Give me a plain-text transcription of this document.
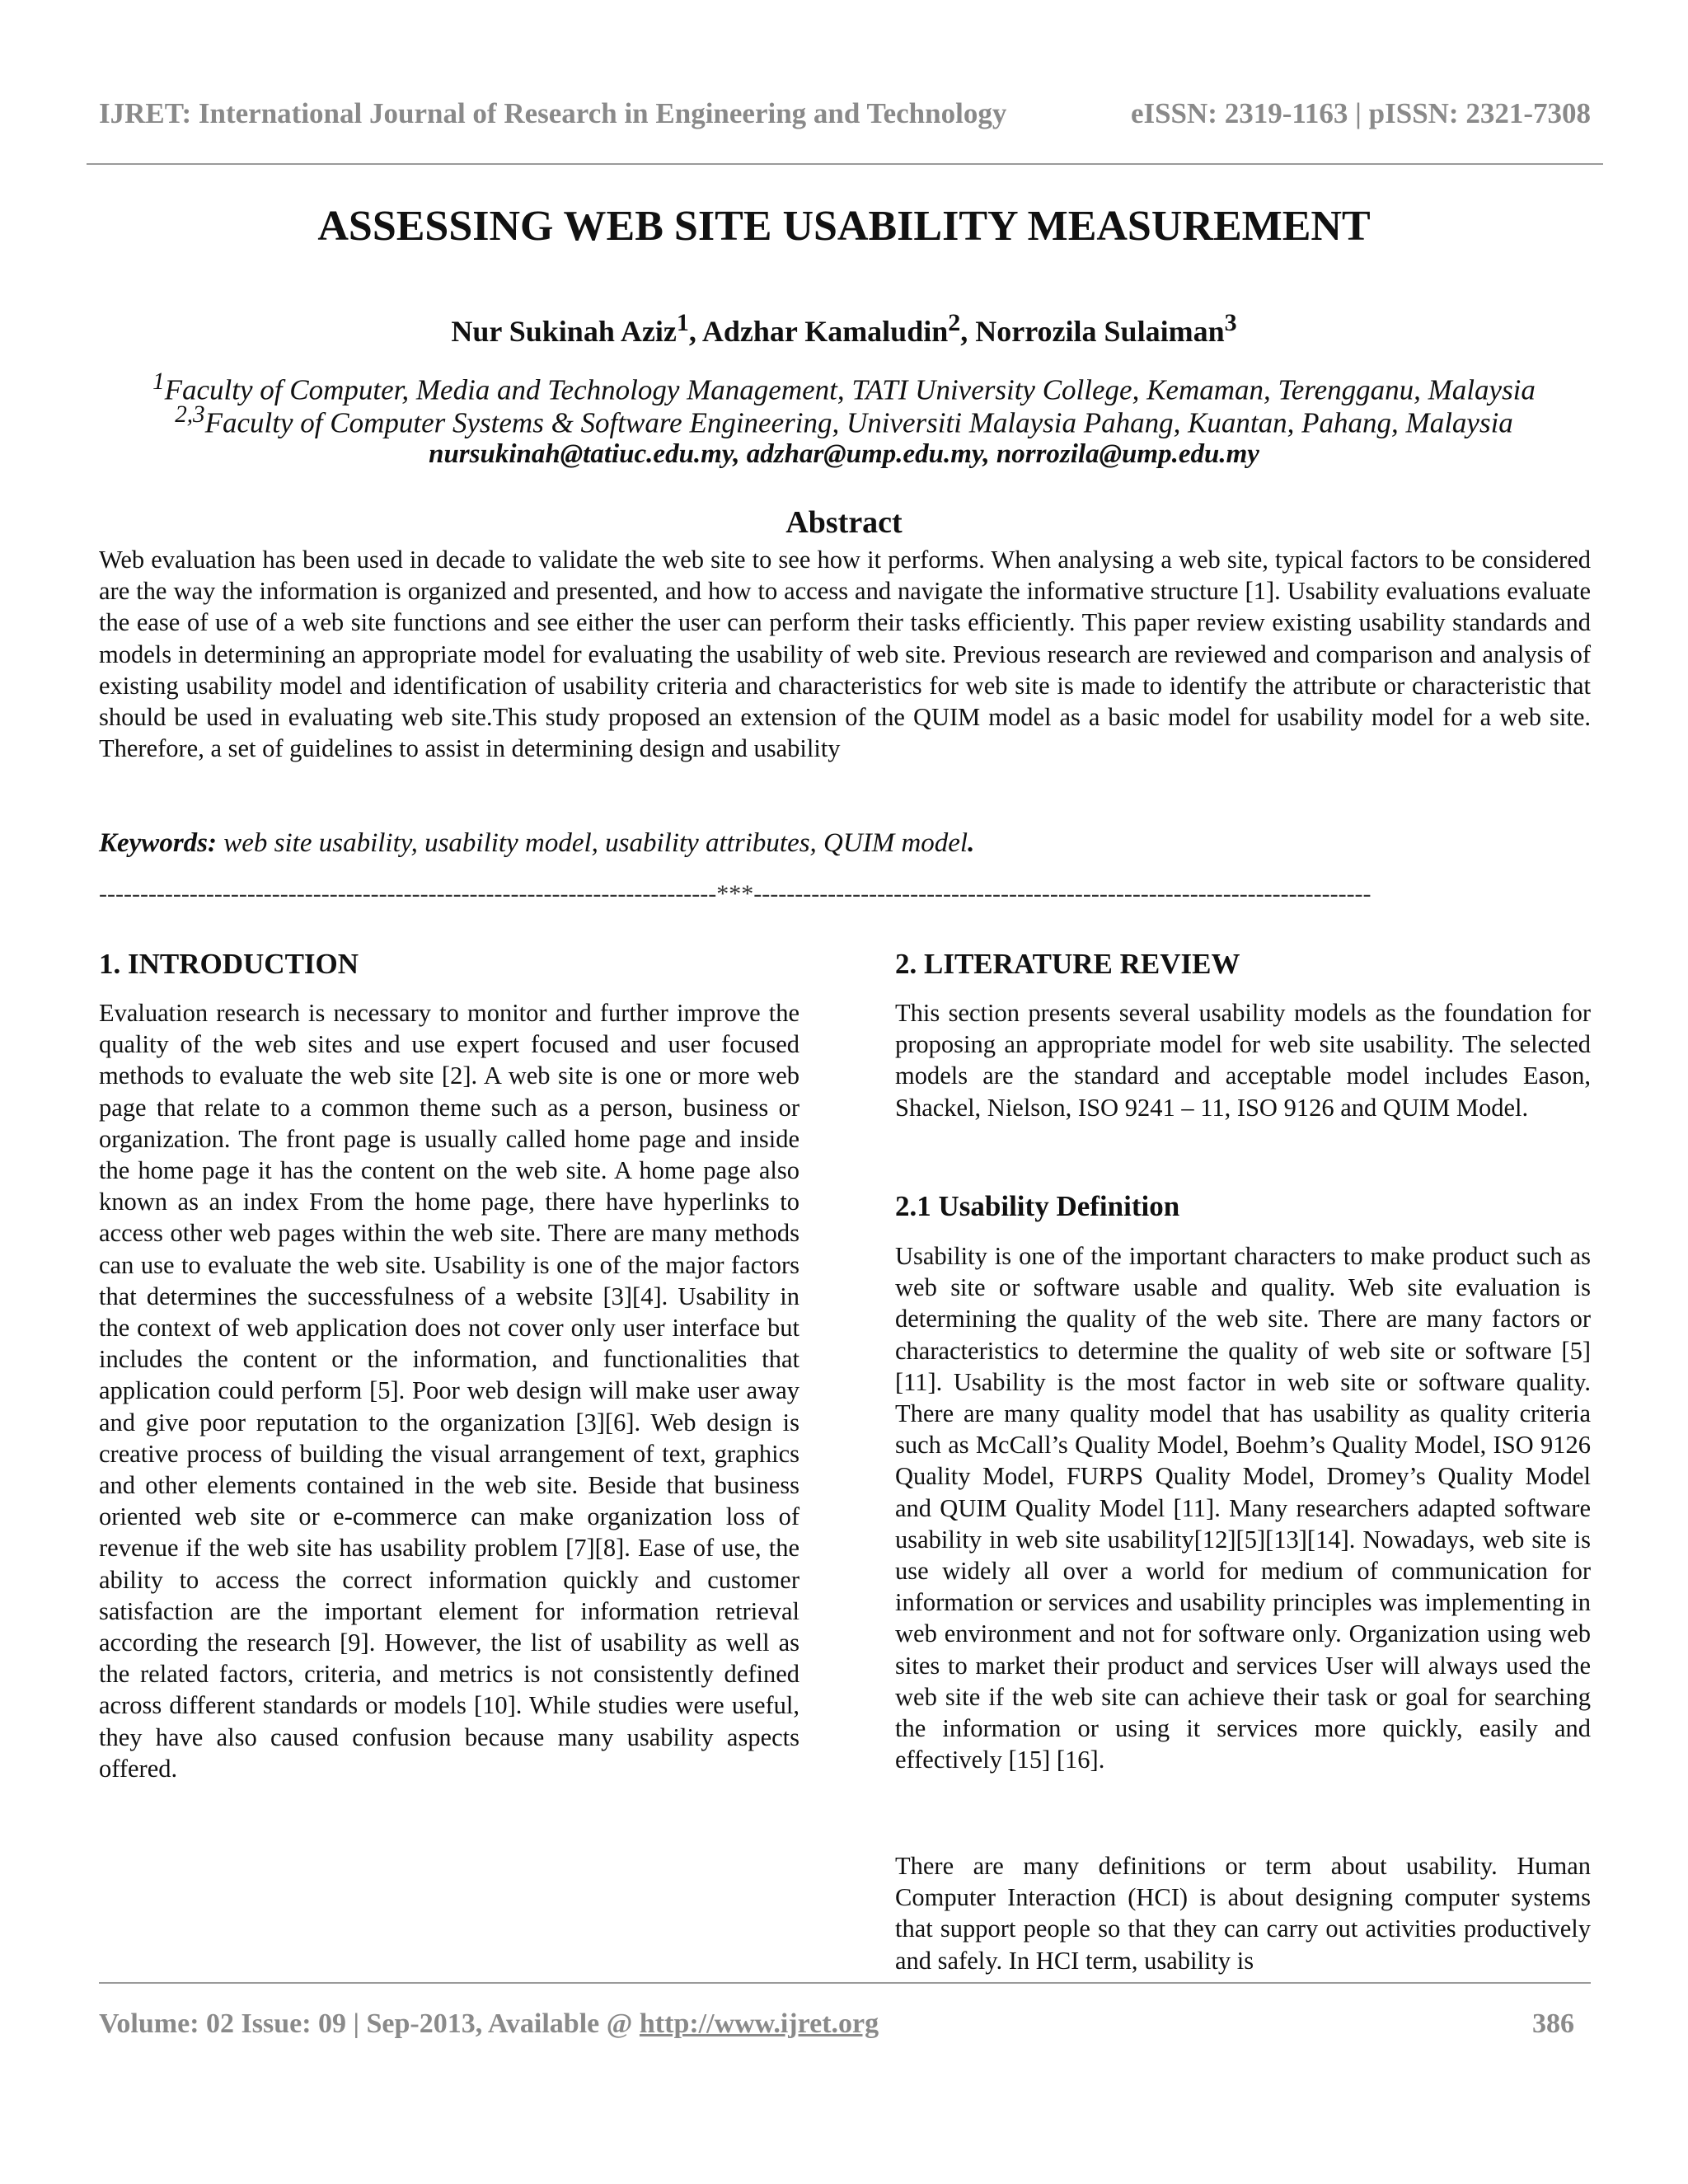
IJRET: International Journal of Research in Engineering and Technology	eISSN: 2319-1163 | pISSN: 2321-7308
ASSESSING WEB SITE USABILITY MEASUREMENT
Nur Sukinah Aziz$^1$, Adzhar Kamaludin$^2$, Norrozila Sulaiman$^3$
$^1$Faculty of Computer, Media and Technology Management, TATI University College, Kemaman, Terengganu, Malaysia
$^{2,3}$Faculty of Computer Systems & Software Engineering, Universiti Malaysia Pahang, Kuantan, Pahang, Malaysia
nursukinah@tatiuc.edu.my, adzhar@ump.edu.my, norrozila@ump.edu.my
Abstract
Web evaluation has been used in decade to validate the web site to see how it performs. When analysing a web site, typical factors to be considered are the way the information is organized and presented, and how to access and navigate the informative structure [1]. Usability evaluations evaluate the ease of use of a web site functions and see either the user can perform their tasks efficiently. This paper review existing usability standards and models in determining an appropriate model for evaluating the usability of web site. Previous research are reviewed and comparison and analysis of existing usability model and identification of usability criteria and characteristics for web site is made to identify the attribute or characteristic that should be used in evaluating web site.This study proposed an extension of the QUIM model as a basic model for usability model for a web site. Therefore, a set of guidelines to assist in determining design and usability
Keywords: web site usability, usability model, usability attributes, QUIM model.
---------------------------------------------------------------------------***---------------------------------------------------------------------------
1. INTRODUCTION
Evaluation research is necessary to monitor and further improve the quality of the web sites and use expert focused and user focused methods to evaluate the web site [2]. A web site is one or more web page that relate to a common theme such as a person, business or organization. The front page is usually called home page and inside the home page it has the content on the web site. A home page also known as an index From the home page, there have hyperlinks to access other web pages within the web site. There are many methods can use to evaluate the web site. Usability is one of the major factors that determines the successfulness of a website [3][4]. Usability in the context of web application does not cover only user interface but includes the content or the information, and functionalities that application could perform [5]. Poor web design will make user away and give poor reputation to the organization [3][6]. Web design is creative process of building the visual arrangement of text, graphics and other elements contained in the web site. Beside that business oriented web site or e-commerce can make organization loss of revenue if the web site has usability problem [7][8]. Ease of use, the ability to access the correct information quickly and customer satisfaction are the important element for information retrieval according the research [9]. However, the list of usability as well as the related factors, criteria, and metrics is not consistently defined across different standards or models [10]. While studies were useful, they have also caused confusion because many usability aspects offered.
2. LITERATURE REVIEW
This section presents several usability models as the foundation for proposing an appropriate model for web site usability. The selected models are the standard and acceptable model includes Eason, Shackel, Nielson, ISO 9241 – 11, ISO 9126 and QUIM Model.
2.1 Usability Definition
Usability is one of the important characters to make product such as web site or software usable and quality. Web site evaluation is determining the quality of the web site. There are many factors or characteristics to determine the quality of web site or software [5] [11]. Usability is the most factor in web site or software quality. There are many quality model that has usability as quality criteria such as McCall’s Quality Model, Boehm’s Quality Model, ISO 9126 Quality Model, FURPS Quality Model, Dromey’s Quality Model and QUIM Quality Model [11]. Many researchers adapted software usability in web site usability[12][5][13][14]. Nowadays, web site is use widely all over a world for medium of communication for information or services and usability principles was implementing in web environment and not for software only. Organization using web sites to market their product and services User will always used the web site if the web site can achieve their task or goal for searching the information or using it services more quickly, easily and effectively [15] [16].
There are many definitions or term about usability. Human Computer Interaction (HCI) is about designing computer systems that support people so that they can carry out activities productively and safely. In HCI term, usability is
Volume: 02 Issue: 09 | Sep-2013, Available @ http://www.ijret.org	386
